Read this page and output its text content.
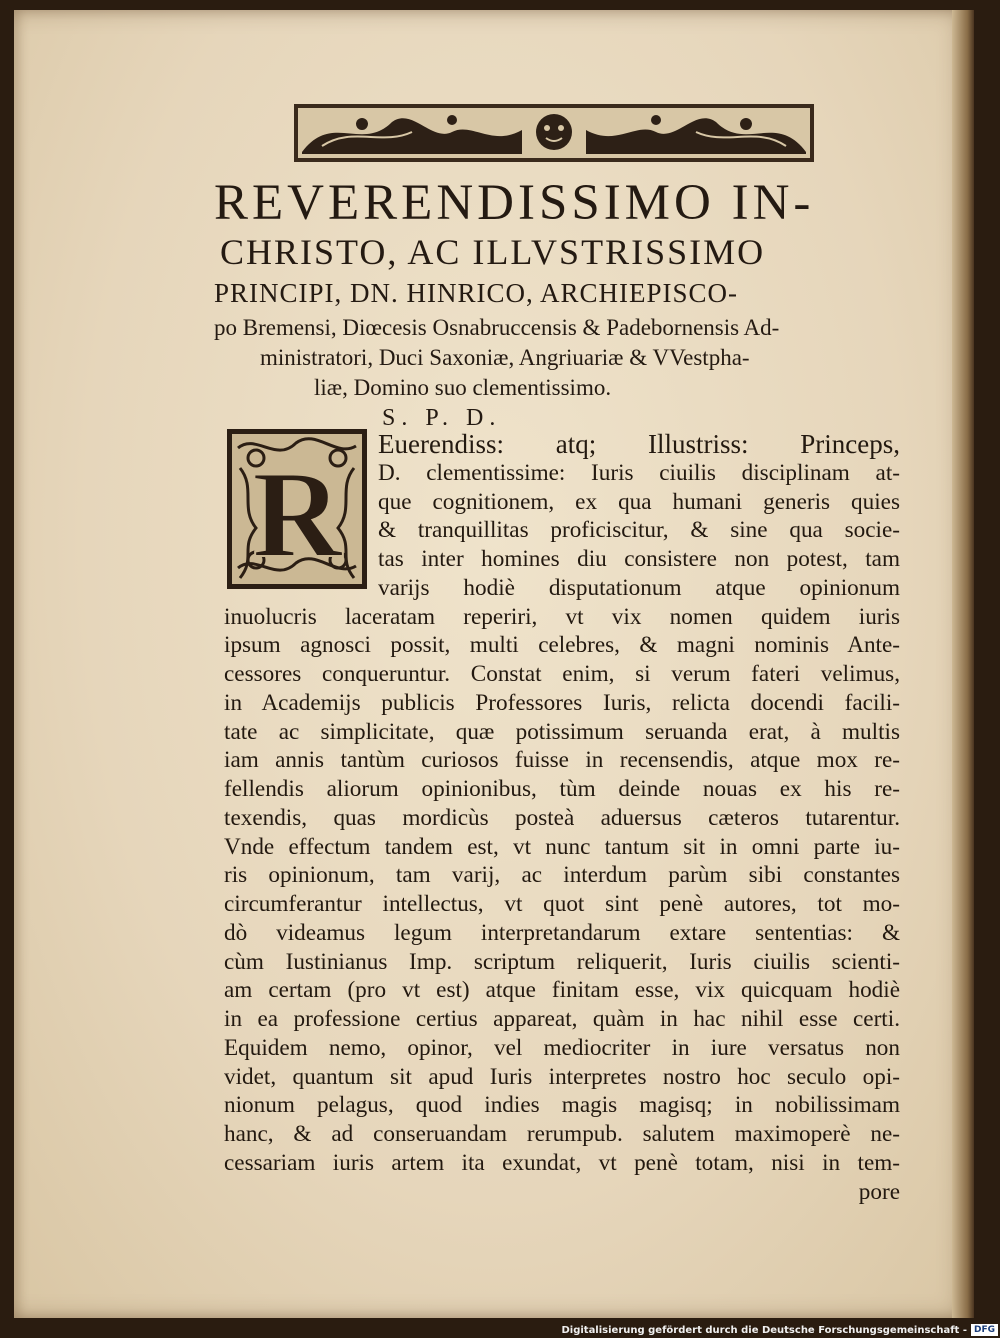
REVERENDISSIMO IN-

CHRISTO, AC ILLVSTRISSIMO

PRINCIPI, DN. HINRICO, ARCHIEPISCO-

po Bremensi, Diœcesis Osnabruccensis & Padebornensis Ad-

ministratori, Duci Saxoniæ, Angriuariæ & VVestpha-

liæ, Domino suo clementissimo.

S. P. D.

R
Euerendiss: atq; Illustriss: Princeps,
D. clementissime: Iuris ciuilis disciplinam at-
que cognitionem, ex qua humani generis quies
& tranquillitas proficiscitur, & sine qua socie-
tas inter homines diu consistere non potest, tam
varijs hodiè disputationum atque opinionum
inuolucris laceratam reperiri, vt vix nomen quidem iuris
ipsum agnosci possit, multi celebres, & magni nominis Ante-
cessores conqueruntur. Constat enim, si verum fateri velimus,
in Academijs publicis Professores Iuris, relicta docendi facili-
tate ac simplicitate, quæ potissimum seruanda erat, à multis
iam annis tantùm curiosos fuisse in recensendis, atque mox re-
fellendis aliorum opinionibus, tùm deinde nouas ex his re-
texendis, quas mordicùs posteà aduersus cæteros tutarentur.
Vnde effectum tandem est, vt nunc tantum sit in omni parte iu-
ris opinionum, tam varij, ac interdum parùm sibi constantes
circumferantur intellectus, vt quot sint penè autores, tot mo-
dò videamus legum interpretandarum extare sententias: &
cùm Iustinianus Imp. scriptum reliquerit, Iuris ciuilis scienti-
am certam (pro vt est) atque finitam esse, vix quicquam hodiè
in ea professione certius appareat, quàm in hac nihil esse certi.
Equidem nemo, opinor, vel mediocriter in iure versatus non
videt, quantum sit apud Iuris interpretes nostro hoc seculo opi-
nionum pelagus, quod indies magis magisq; in nobilissimam
hanc, & ad conseruandam rerumpub. salutem maximoperè ne-
cessariam iuris artem ita exundat, vt penè totam, nisi in tem-
pore
Digitalisierung gefördert durch die Deutsche Forschungsgemeinschaft - DFG
